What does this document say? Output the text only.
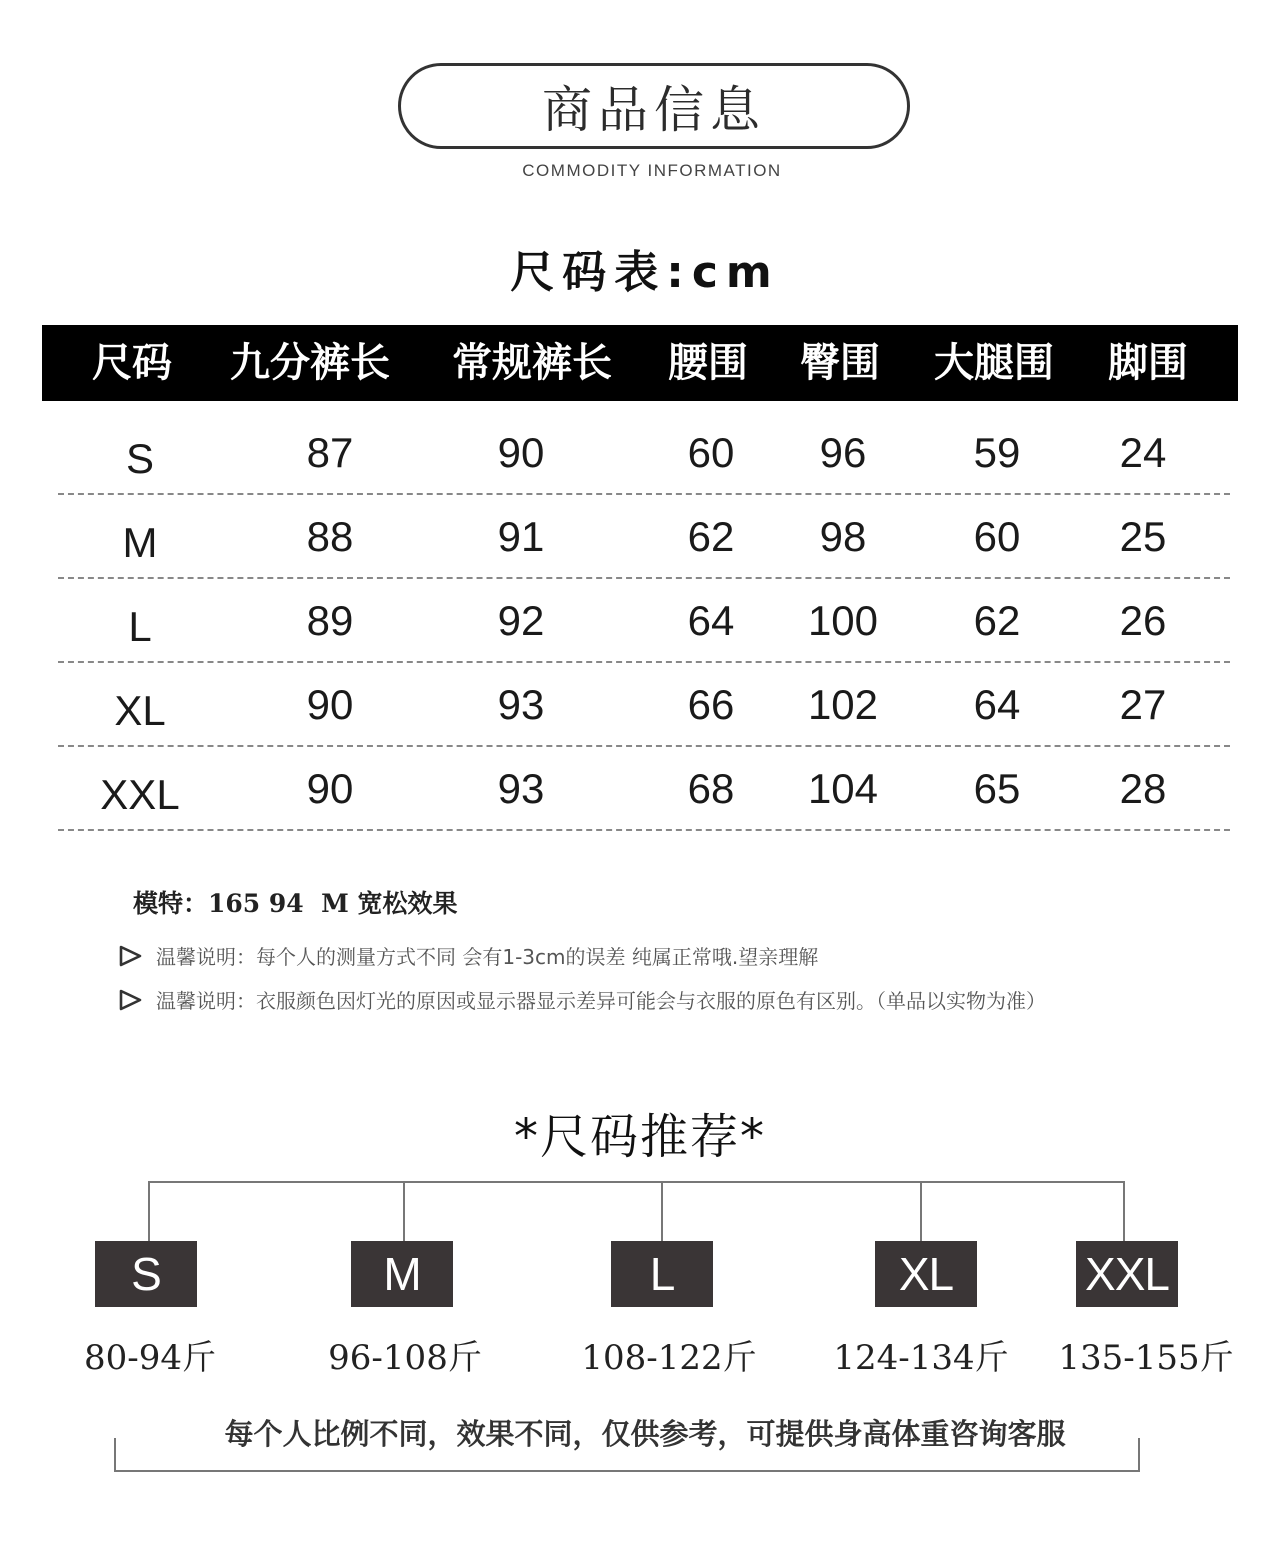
商品信息
COMMODITY INFORMATION
尺码表:cm
尺码	九分裤长	常规裤长	腰围	臀围	大腿围	脚围
S	87	90	60	96	59	24
M	88	91	62	98	60	25
L	89	92	64	100	62	26
XL	90	93	66	102	64	27
XXL	90	93	68	104	65	28
模特：165 94  M 宽松效果
温馨说明：每个人的测量方式不同 会有1-3cm的误差 纯属正常哦.望亲理解
温馨说明：衣服颜色因灯光的原因或显示器显示差异可能会与衣服的原色有区别。（单品以实物为准）
*尺码推荐*
S	M	L	XL	XXL
80-94斤	96-108斤	108-122斤	124-134斤	135-155斤
每个人比例不同，效果不同，仅供参考，可提供身高体重咨询客服
